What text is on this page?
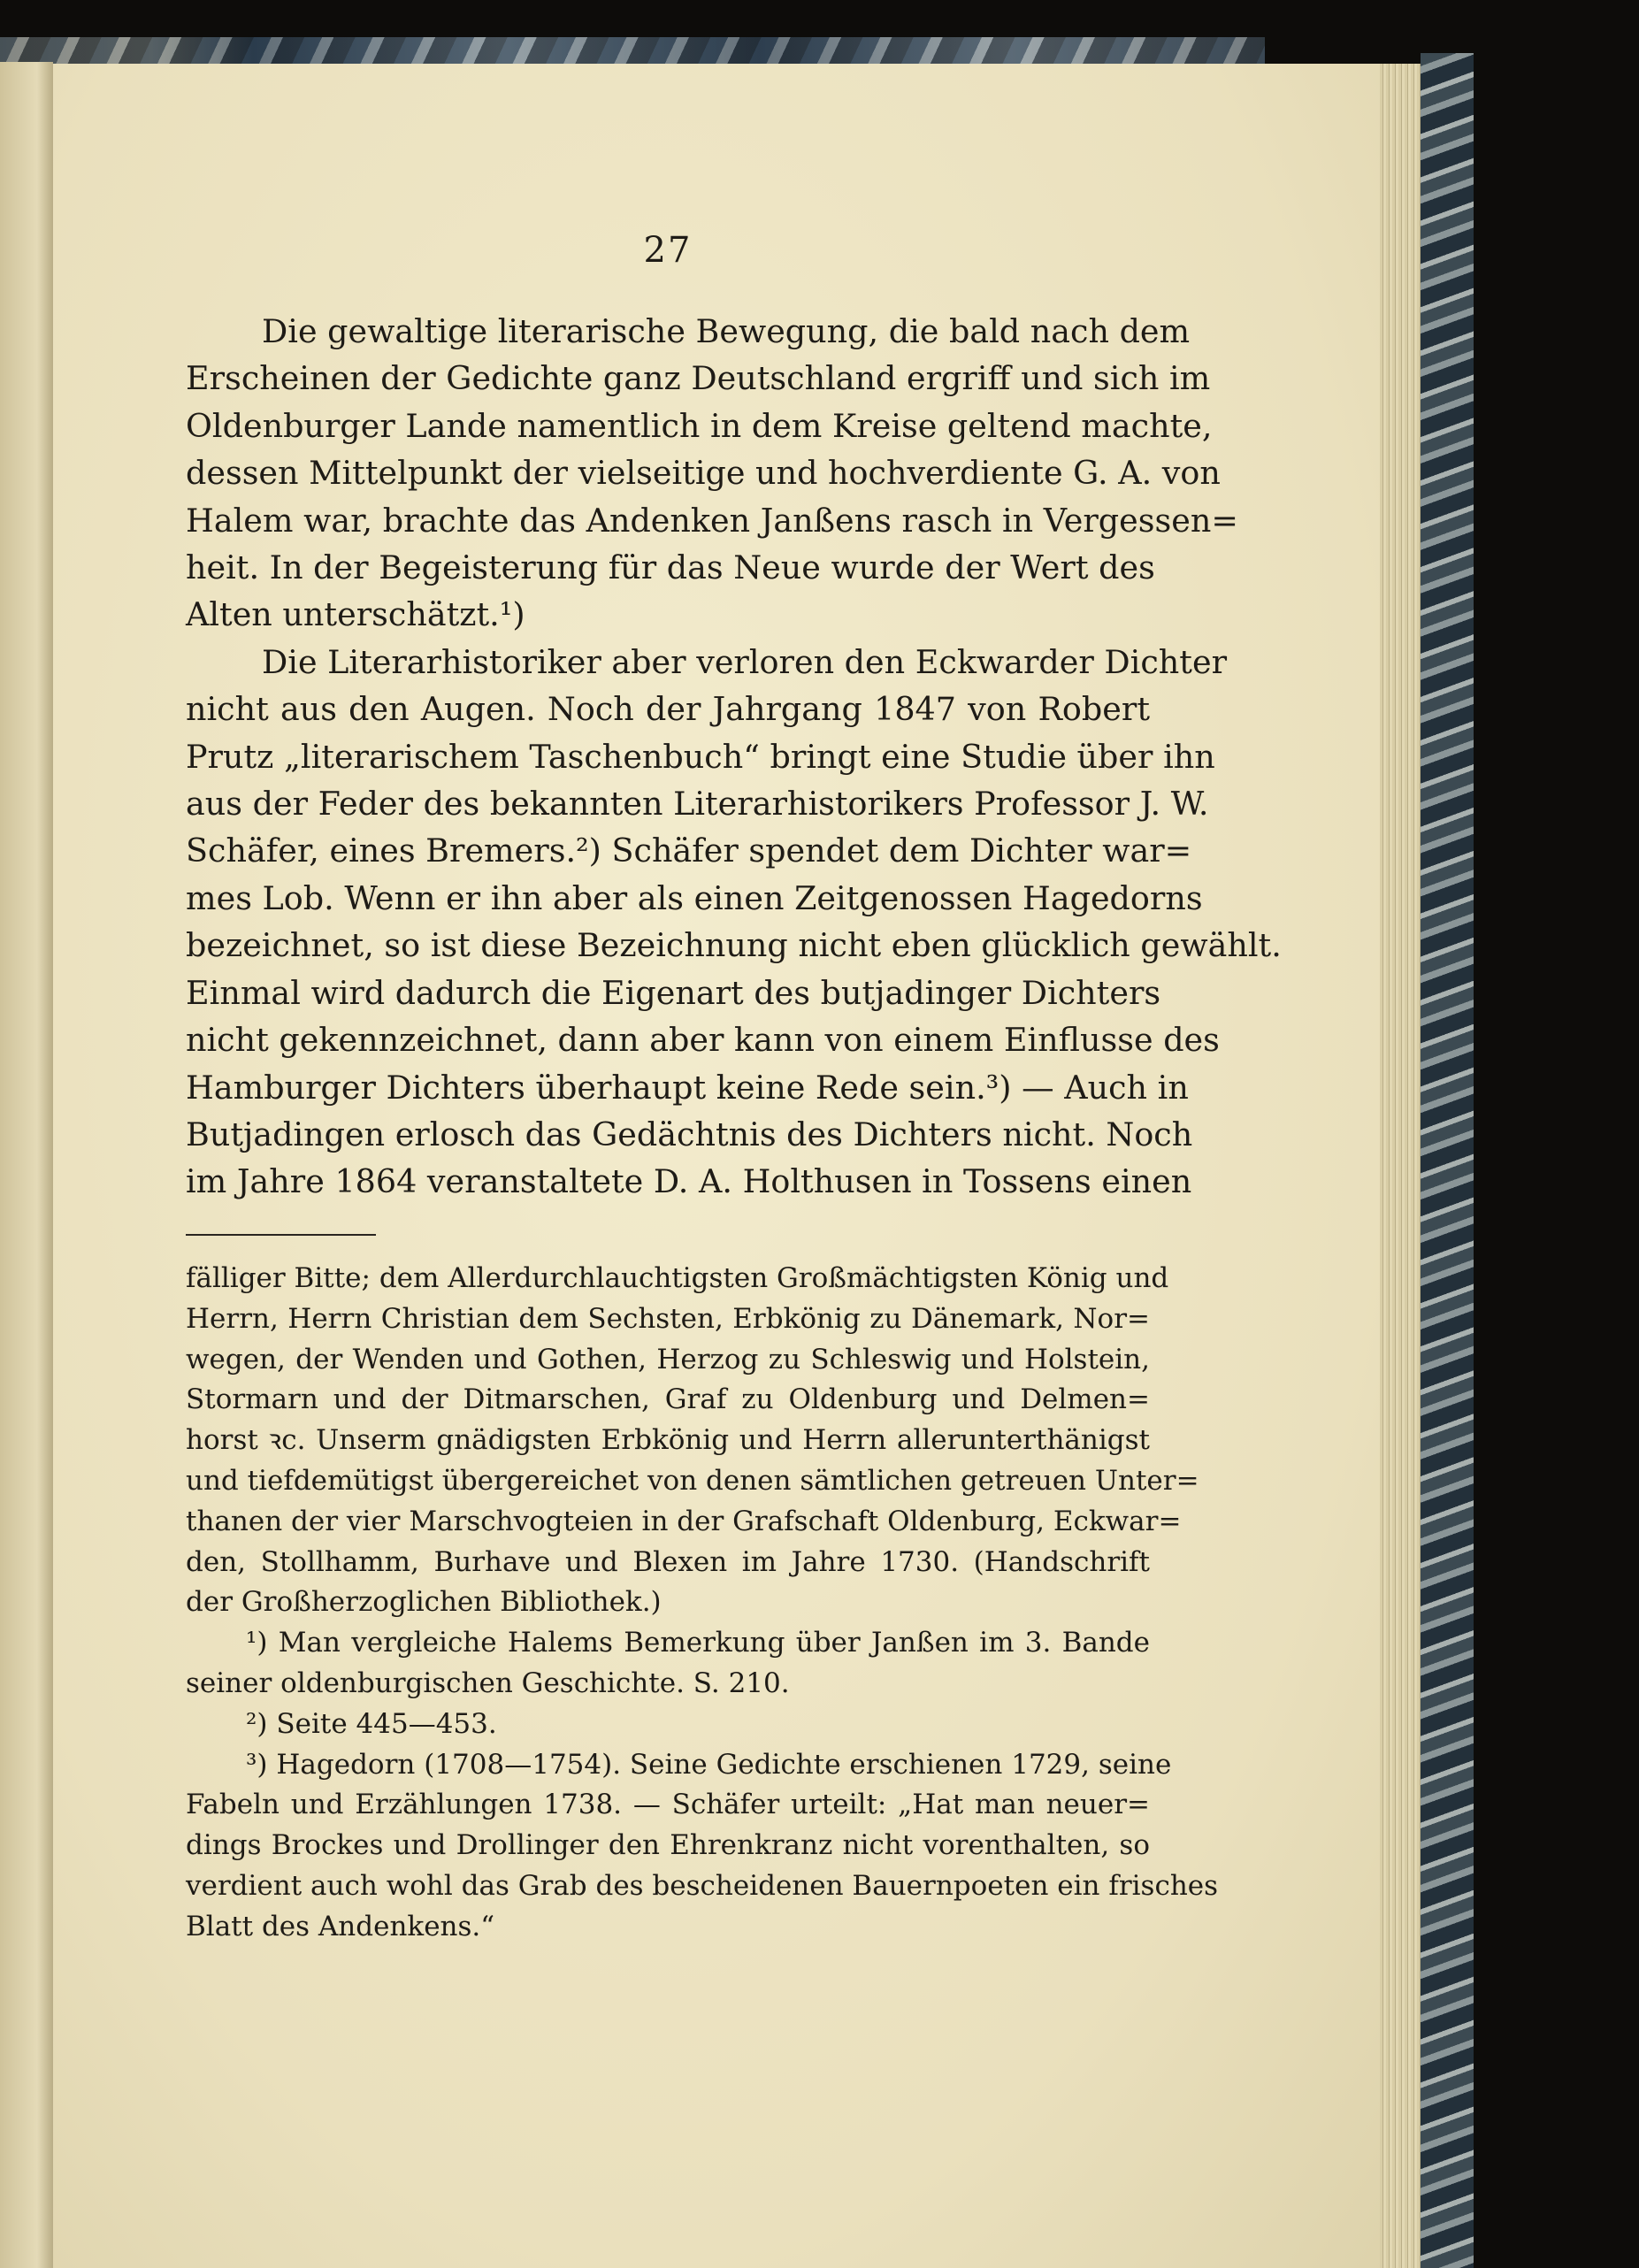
27

Die gewaltige literarische Bewegung, die bald nach dem
Erscheinen der Gedichte ganz Deutschland ergriff und sich im
Oldenburger Lande namentlich in dem Kreise geltend machte,
dessen Mittelpunkt der vielseitige und hochverdiente G. A. von
Halem war, brachte das Andenken Janßens rasch in Vergessen=
heit. In der Begeisterung für das Neue wurde der Wert des
Alten unterschätzt.¹)

Die Literarhistoriker aber verloren den Eckwarder Dichter
nicht aus den Augen. Noch der Jahrgang 1847 von Robert
Prutz „literarischem Taschenbuch“ bringt eine Studie über ihn
aus der Feder des bekannten Literarhistorikers Professor J. W.
Schäfer, eines Bremers.²) Schäfer spendet dem Dichter war=
mes Lob. Wenn er ihn aber als einen Zeitgenossen Hagedorns
bezeichnet, so ist diese Bezeichnung nicht eben glücklich gewählt.
Einmal wird dadurch die Eigenart des butjadinger Dichters
nicht gekennzeichnet, dann aber kann von einem Einflusse des
Hamburger Dichters überhaupt keine Rede sein.³) — Auch in
Butjadingen erlosch das Gedächtnis des Dichters nicht. Noch
im Jahre 1864 veranstaltete D. A. Holthusen in Tossens einen

fälliger Bitte; dem Allerdurchlauchtigsten Großmächtigsten König und
Herrn, Herrn Christian dem Sechsten, Erbkönig zu Dänemark, Nor=
wegen, der Wenden und Gothen, Herzog zu Schleswig und Holstein,
Stormarn und der Ditmarschen, Graf zu Oldenburg und Delmen=
horst ꝛc. Unserm gnädigsten Erbkönig und Herrn allerunterthänigst
und tiefdemütigst übergereichet von denen sämtlichen getreuen Unter=
thanen der vier Marschvogteien in der Grafschaft Oldenburg, Eckwar=
den, Stollhamm, Burhave und Blexen im Jahre 1730. (Handschrift
der Großherzoglichen Bibliothek.)
¹) Man vergleiche Halems Bemerkung über Janßen im 3. Bande
seiner oldenburgischen Geschichte. S. 210.
²) Seite 445—453.
³) Hagedorn (1708—1754). Seine Gedichte erschienen 1729, seine
Fabeln und Erzählungen 1738. — Schäfer urteilt: „Hat man neuer=
dings Brockes und Drollinger den Ehrenkranz nicht vorenthalten, so
verdient auch wohl das Grab des bescheidenen Bauernpoeten ein frisches
Blatt des Andenkens.“
